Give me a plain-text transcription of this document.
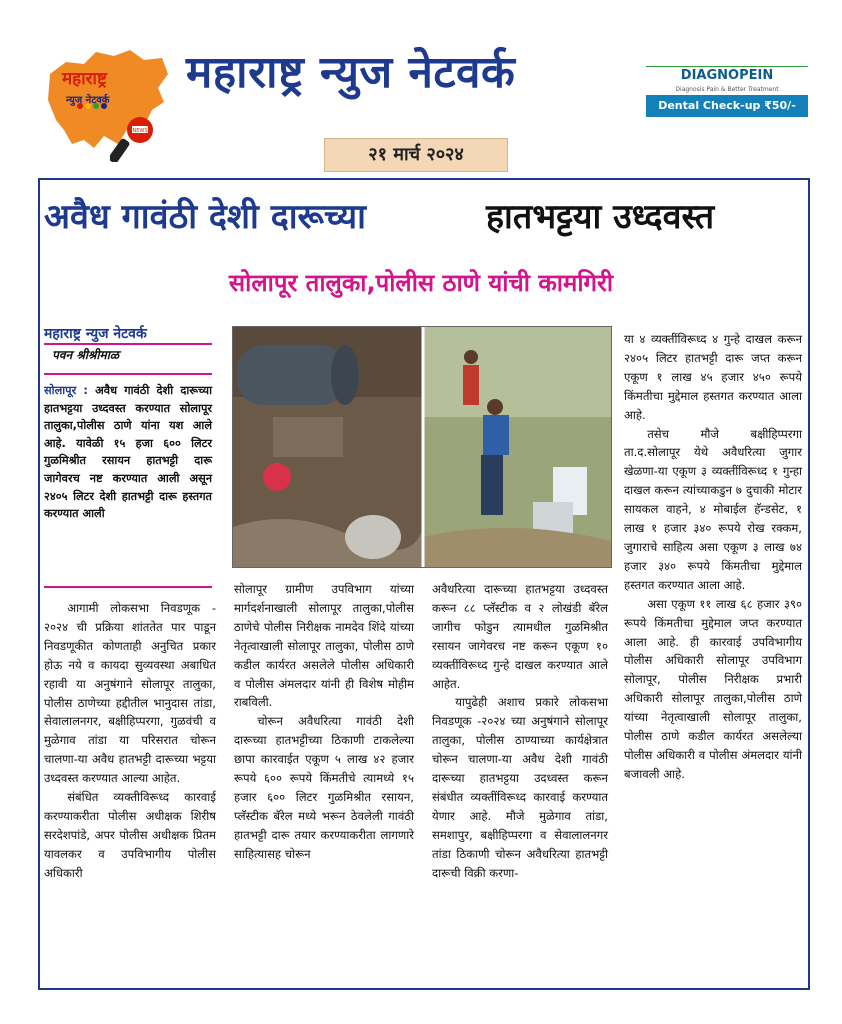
महाराष्ट्र
न्युज नेटवर्क
NEWS
महाराष्ट्र न्युज नेटवर्क
२१ मार्च २०२४
DIAGNOPEIN
Diagnosis Pain & Better Treatment
Dental Check-up ₹50/-
अवैध गावंठी देशी दारूच्या	हातभट्टया उध्दवस्त
सोलापूर तालुका,पोलीस ठाणे यांची कामगिरी
महाराष्ट्र न्युज नेटवर्क
पवन श्रीश्रीमाळ
सोलापूर : अवैध गावंठी देशी दारूच्या हातभट्टया उध्दवस्त करण्यात सोलापूर तालुका,पोलीस ठाणे यांना यश आले आहे. यावेळी १५ हजा ६०० लिटर गुळमिश्रीत रसायन हातभट्टी दारू जागेवरच नष्ट करण्यात आली असून २४०५ लिटर देशी हातभट्टी दारू हस्तगत करण्यात आली

आगामी लोकसभा निवडणूक - २०२४ ची प्रक्रिया शांततेत पार पाडून निवडणूकीत कोणताही अनुचित प्रकार होऊ नये व कायदा सुव्यवस्था अबाधित रहावी या अनुषंगाने सोलापूर तालुका, पोलीस ठाणेच्या हद्दीतील भानुदास तांडा, सेवालालनगर, बक्षीहिप्परगा, गुळवंची व मुळेगाव तांडा या परिसरात चोरून चालणा-या अवैध हातभट्टी दारूच्या भट्टया उध्दवस्त करण्यात आल्या आहेत.

संबंधित व्यक्तीविरूध्द कारवाई करण्याकरीता पोलीस अधीक्षक शिरीष सरदेशपांडे, अपर पोलीस अधीक्षक प्रितम यावलकर व उपविभागीय पोलीस अधिकारी

सोलापूर ग्रामीण उपविभाग यांच्या मार्गदर्शनाखाली सोलापूर तालुका,पोलीस ठाणेचे पोलीस निरीक्षक नामदेव शिंदे यांच्या नेतृत्वाखाली सोलापूर तालुका, पोलीस ठाणे कडील कार्यरत असलेले पोलीस अधिकारी व पोलीस अंमलदार यांनी ही विशेष मोहीम राबविली.

चोरून अवैधरित्या गावंठी देशी दारूच्या हातभट्टीच्या ठिकाणी टाकलेल्या छापा कारवाईत एकूण ५ लाख ४२ हजार रूपये ६०० रूपये किंमतीचे त्यामध्ये १५ हजार ६०० लिटर गुळमिश्रीत रसायन, प्लॅस्टीक बॅरेल मध्ये भरून ठेवलेली गावंठी हातभट्टी दारू तयार करण्याकरीता लागणारे साहित्यासह चोरून

अवैधरित्या दारूच्या हातभट्टया उध्दवस्त करून ८८ प्लॅस्टीक व २ लोखंडी बॅरेल जागीच फोडुन त्यामधील गुळमिश्रीत रसायन जागेवरच नष्ट करून एकूण १० व्यक्तींविरूध्द गुन्हे दाखल करण्यात आले आहेत.

यापुढेही अशाच प्रकारे लोकसभा निवडणूक -२०२४ च्या अनुषंगाने सोलापूर तालुका, पोलीस ठाण्याच्या कार्यक्षेत्रात चोरून चालणा-या अवैध देशी गावंठी दारूच्या हातभट्टया उदध्वस्त करून संबंधीत व्यक्तींविरूध्द कारवाई करण्यात येणार आहे. मौजे मुळेगाव तांडा, समशापुर, बक्षीहिप्परगा व सेवालालनगर तांडा ठिकाणी चोरून अवैधरित्या हातभट्टी दारूची विक्री करणा-

या ४ व्यक्तींविरूध्द ४ गुन्हे दाखल करून २४०५ लिटर हातभट्टी दारू जप्त करून एकूण १ लाख ४५ हजार ४५० रूपये किंमतीचा मुद्देमाल हस्तगत करण्यात आला आहे.

तसेच मौजे बक्षीहिप्परगा ता.द.सोलापूर येथे अवैधरित्या जुगार खेळणा-या एकूण ३ व्यक्तींविरूध्द १ गुन्हा दाखल करून त्यांच्याकडुन ७ दुचाकी मोटार सायकल वाहने, ४ मोबाईल हॅन्डसेट, १ लाख १ हजार ३४० रूपये रोख रक्कम, जुगाराचे साहित्य असा एकूण ३ लाख ७४ हजार ३४० रूपये किंमतीचा मुद्देमाल हस्तगत करण्यात आला आहे.

असा एकूण ११ लाख ६८ हजार ३९० रूपये किंमतीचा मुद्देमाल जप्त करण्यात आला आहे. ही कारवाई उपविभागीय पोलीस अधिकारी सोलापूर उपविभाग सोलापूर, पोलीस निरीक्षक प्रभारी अधिकारी सोलापूर तालुका,पोलीस ठाणे यांच्या नेतृत्वाखाली सोलापूर तालुका, पोलीस ठाणे कडील कार्यरत असलेल्या पोलीस अधिकारी व पोलीस अंमलदार यांनी बजावली आहे.
